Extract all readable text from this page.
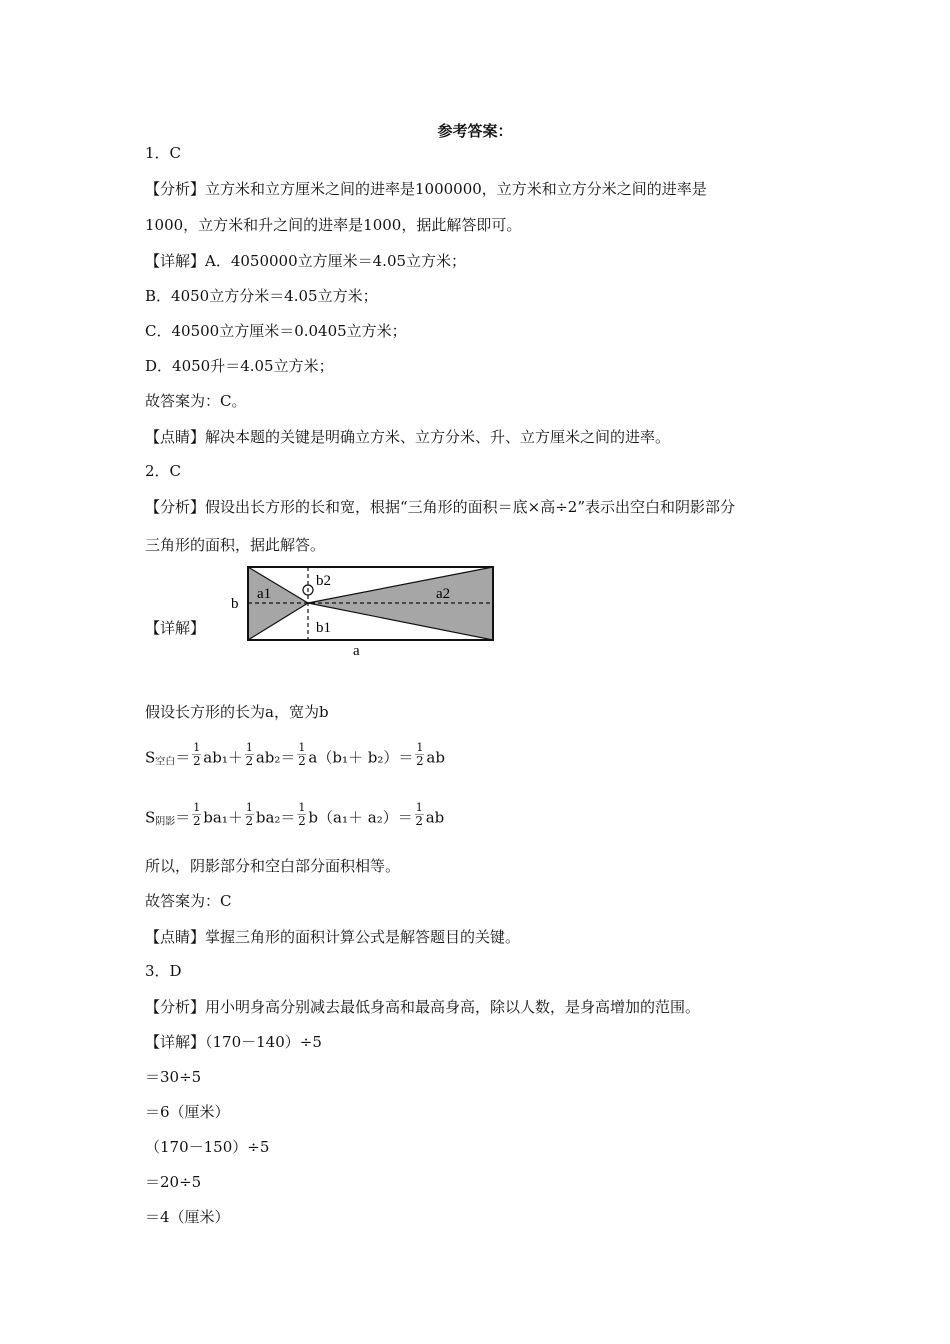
参考答案：
1．C
【分析】立方米和立方厘米之间的进率是1000000，立方米和立方分米之间的进率是
1000，立方米和升之间的进率是1000，据此解答即可。
【详解】A．4050000立方厘米＝4.05立方米；
B．4050立方分米＝4.05立方米；
C．40500立方厘米＝0.0405立方米；
D．4050升＝4.05立方米；
故答案为：C。
【点睛】解决本题的关键是明确立方米、立方分米、升、立方厘米之间的进率。
2．C
【分析】假设出长方形的长和宽，根据“三角形的面积＝底×高÷2”表示出空白和阴影部分
三角形的面积，据此解答。
【详解】
b
a1
b2
a2
b1
a
假设长方形的长为a，宽为b
S空白＝ $\frac{1}{2} ab_1+ \frac{1}{2} ab_2= \frac{1}{2} a(b_1+ b_2)= \frac{1}{2}$ ab
S阴影＝ $\frac{1}{2} ba_1+ \frac{1}{2} ba_2= \frac{1}{2} b(a_1+ a_2)= \frac{1}{2}$ ab
所以，阴影部分和空白部分面积相等。
故答案为：C
【点睛】掌握三角形的面积计算公式是解答题目的关键。
3．D
【分析】用小明身高分别减去最低身高和最高身高，除以人数，是身高增加的范围。
【详解】（170－140）÷5
＝30÷5
＝6（厘米）
（170－150）÷5
＝20÷5
＝4（厘米）
